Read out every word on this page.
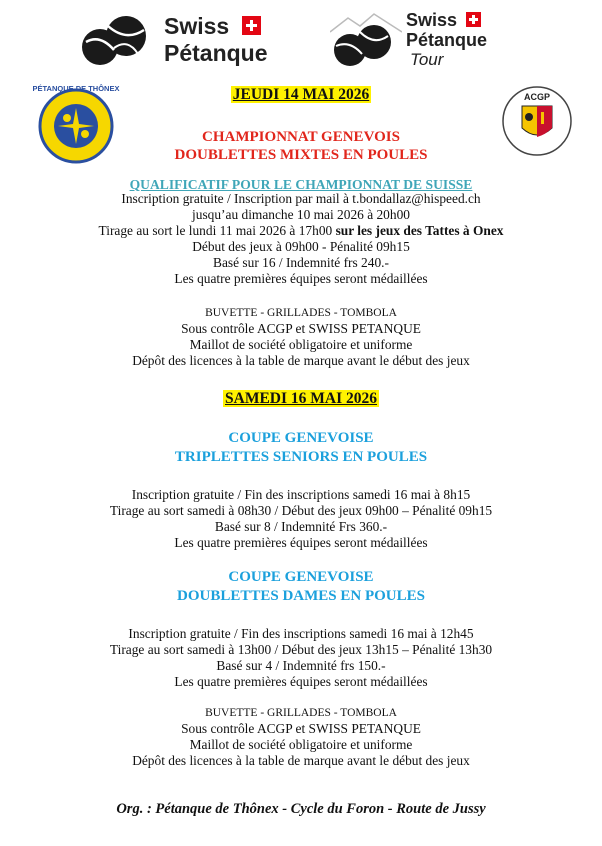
Swiss
Pétanque
Swiss
Pétanque
Tour
PÉTANQUE DE THÔNEX
ACGP
JEUDI 14 MAI 2026
CHAMPIONNAT GENEVOIS
DOUBLETTES MIXTES EN POULES
QUALIFICATIF POUR LE CHAMPIONNAT DE SUISSE
Inscription gratuite / Inscription par mail à t.bondallaz@hispeed.ch
jusqu’au dimanche 10 mai 2026 à 20h00
Tirage au sort le lundi 11 mai 2026 à 17h00 sur les jeux des Tattes à Onex
Début des jeux à 09h00 - Pénalité 09h15
Basé sur 16 / Indemnité frs 240.-
Les quatre premières équipes seront médaillées
BUVETTE - GRILLADES - TOMBOLA
Sous contrôle ACGP et SWISS PETANQUE
Maillot de société obligatoire et uniforme
Dépôt des licences à la table de marque avant le début des jeux
SAMEDI 16 MAI 2026
COUPE GENEVOISE
TRIPLETTES SENIORS EN POULES
Inscription gratuite / Fin des inscriptions samedi 16 mai à 8h15
Tirage au sort samedi à 08h30 / Début des jeux 09h00 – Pénalité 09h15
Basé sur 8 / Indemnité Frs 360.-
Les quatre premières équipes seront médaillées
COUPE GENEVOISE
DOUBLETTES DAMES EN POULES
Inscription gratuite / Fin des inscriptions samedi 16 mai à 12h45
Tirage au sort samedi à 13h00 / Début des jeux 13h15 – Pénalité 13h30
Basé sur 4 / Indemnité frs 150.-
Les quatre premières équipes seront médaillées
BUVETTE - GRILLADES - TOMBOLA
Sous contrôle ACGP et SWISS PETANQUE
Maillot de société obligatoire et uniforme
Dépôt des licences à la table de marque avant le début des jeux
Org. : Pétanque de Thônex - Cycle du Foron - Route de Jussy
